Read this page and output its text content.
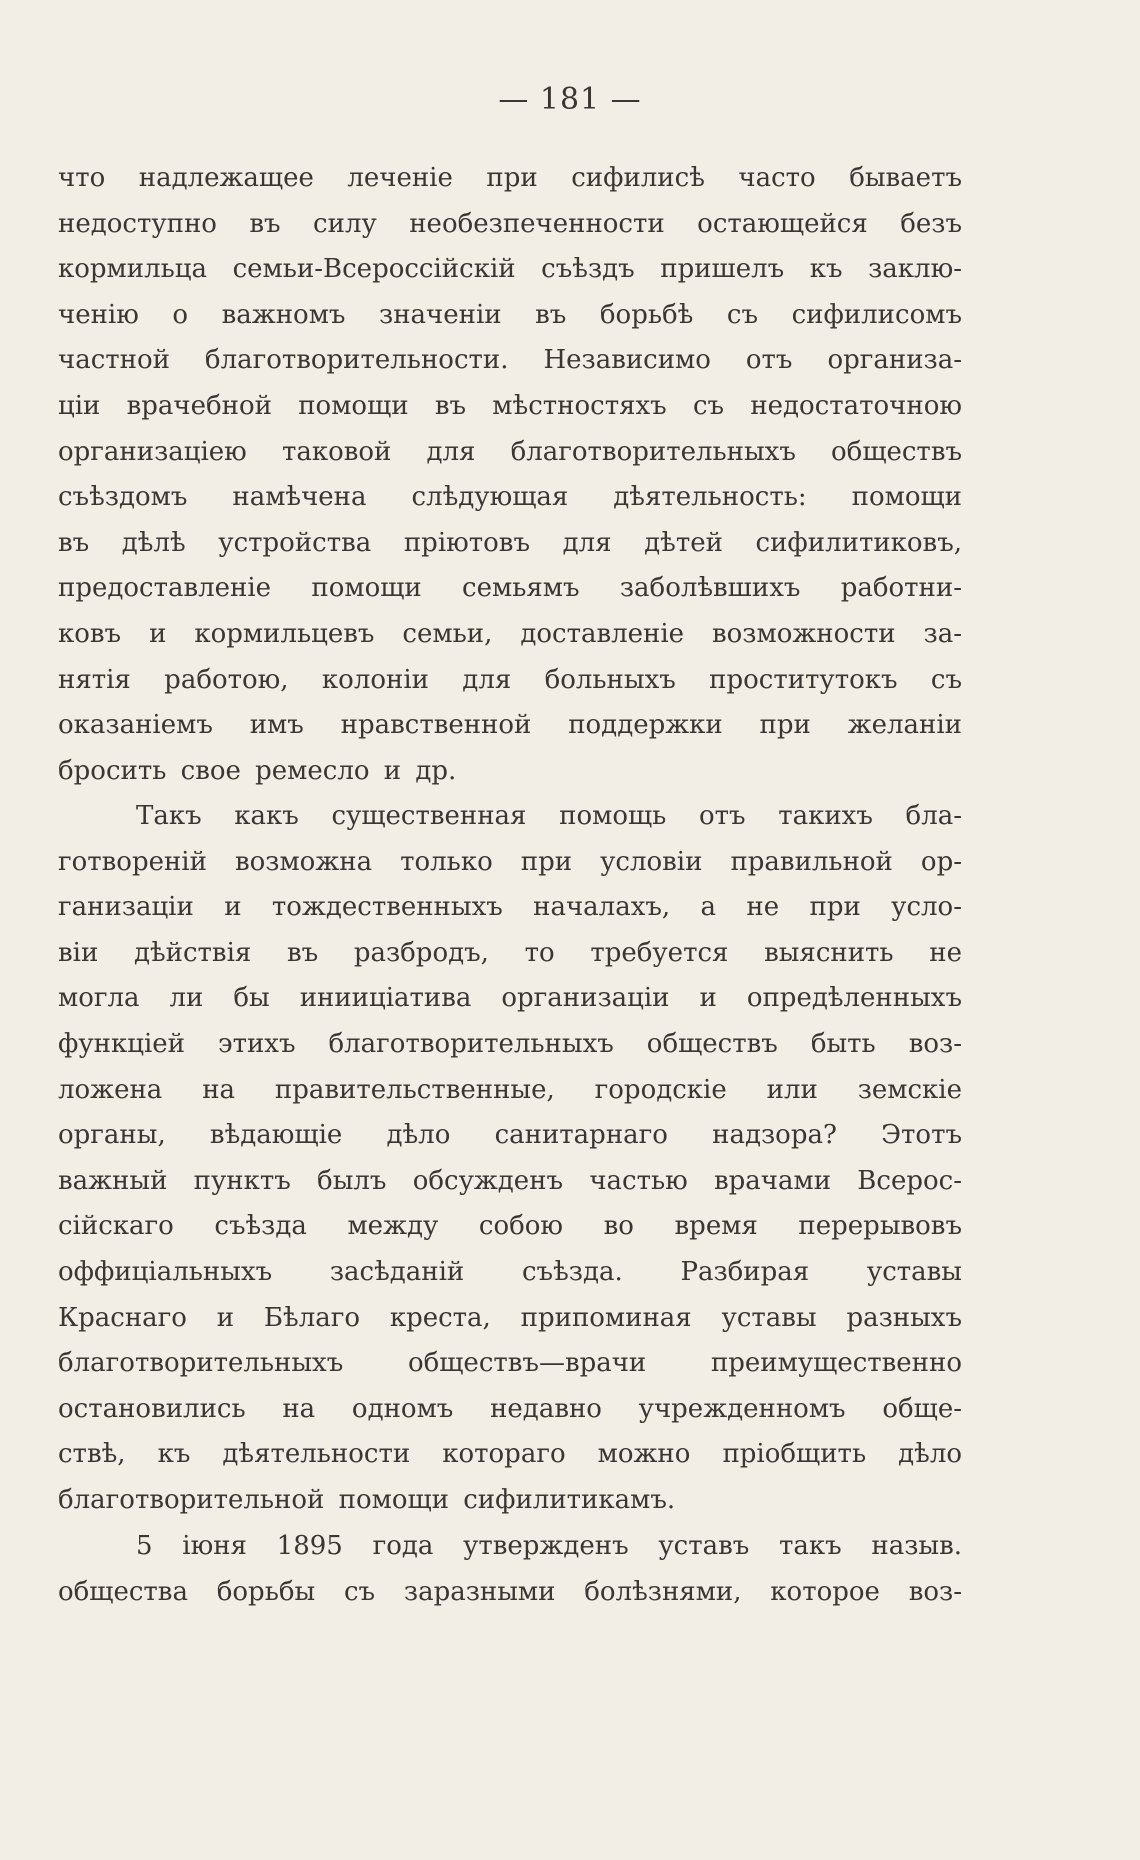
— 181 —
что надлежащее леченіе при сифилисѣ часто бываетъ
недоступно въ силу необезпеченности остающейся безъ
кормильца семьи-Всероссійскій съѣздъ пришелъ къ заклю-
ченію о важномъ значеніи въ борьбѣ съ сифилисомъ
частной благотворительности. Независимо отъ организа-
ціи врачебной помощи въ мѣстностяхъ съ недостаточною
организаціею таковой для благотворительныхъ обществъ
съѣздомъ намѣчена слѣдующая дѣятельность: помощи
въ дѣлѣ устройства пріютовъ для дѣтей сифилитиковъ,
предоставленіе помощи семьямъ заболѣвшихъ работни-
ковъ и кормильцевъ семьи, доставленіе возможности за-
нятія работою, колоніи для больныхъ проститутокъ съ
оказаніемъ имъ нравственной поддержки при желаніи
бросить свое ремесло и др.
Такъ какъ существенная помощь отъ такихъ бла-
готвореній возможна только при условіи правильной ор-
ганизаціи и тождественныхъ началахъ, а не при усло-
віи дѣйствія въ разбродъ, то требуется выяснить не
могла ли бы инииціатива организаціи и опредѣленныхъ
функціей этихъ благотворительныхъ обществъ быть воз-
ложена на правительственные, городскіе или земскіе
органы, вѣдающіе дѣло санитарнаго надзора? Этотъ
важный пунктъ былъ обсужденъ частью врачами Всерос-
сійскаго съѣзда между собою во время перерывовъ
оффиціальныхъ засѣданій съѣзда. Разбирая уставы
Краснаго и Бѣлаго креста, припоминая уставы разныхъ
благотворительныхъ обществъ—врачи преимущественно
остановились на одномъ недавно учрежденномъ обще-
ствѣ, къ дѣятельности котораго можно пріобщить дѣло
благотворительной помощи сифилитикамъ.
5 іюня 1895 года утвержденъ уставъ такъ назыв.
общества борьбы съ заразными болѣзнями, которое воз-
